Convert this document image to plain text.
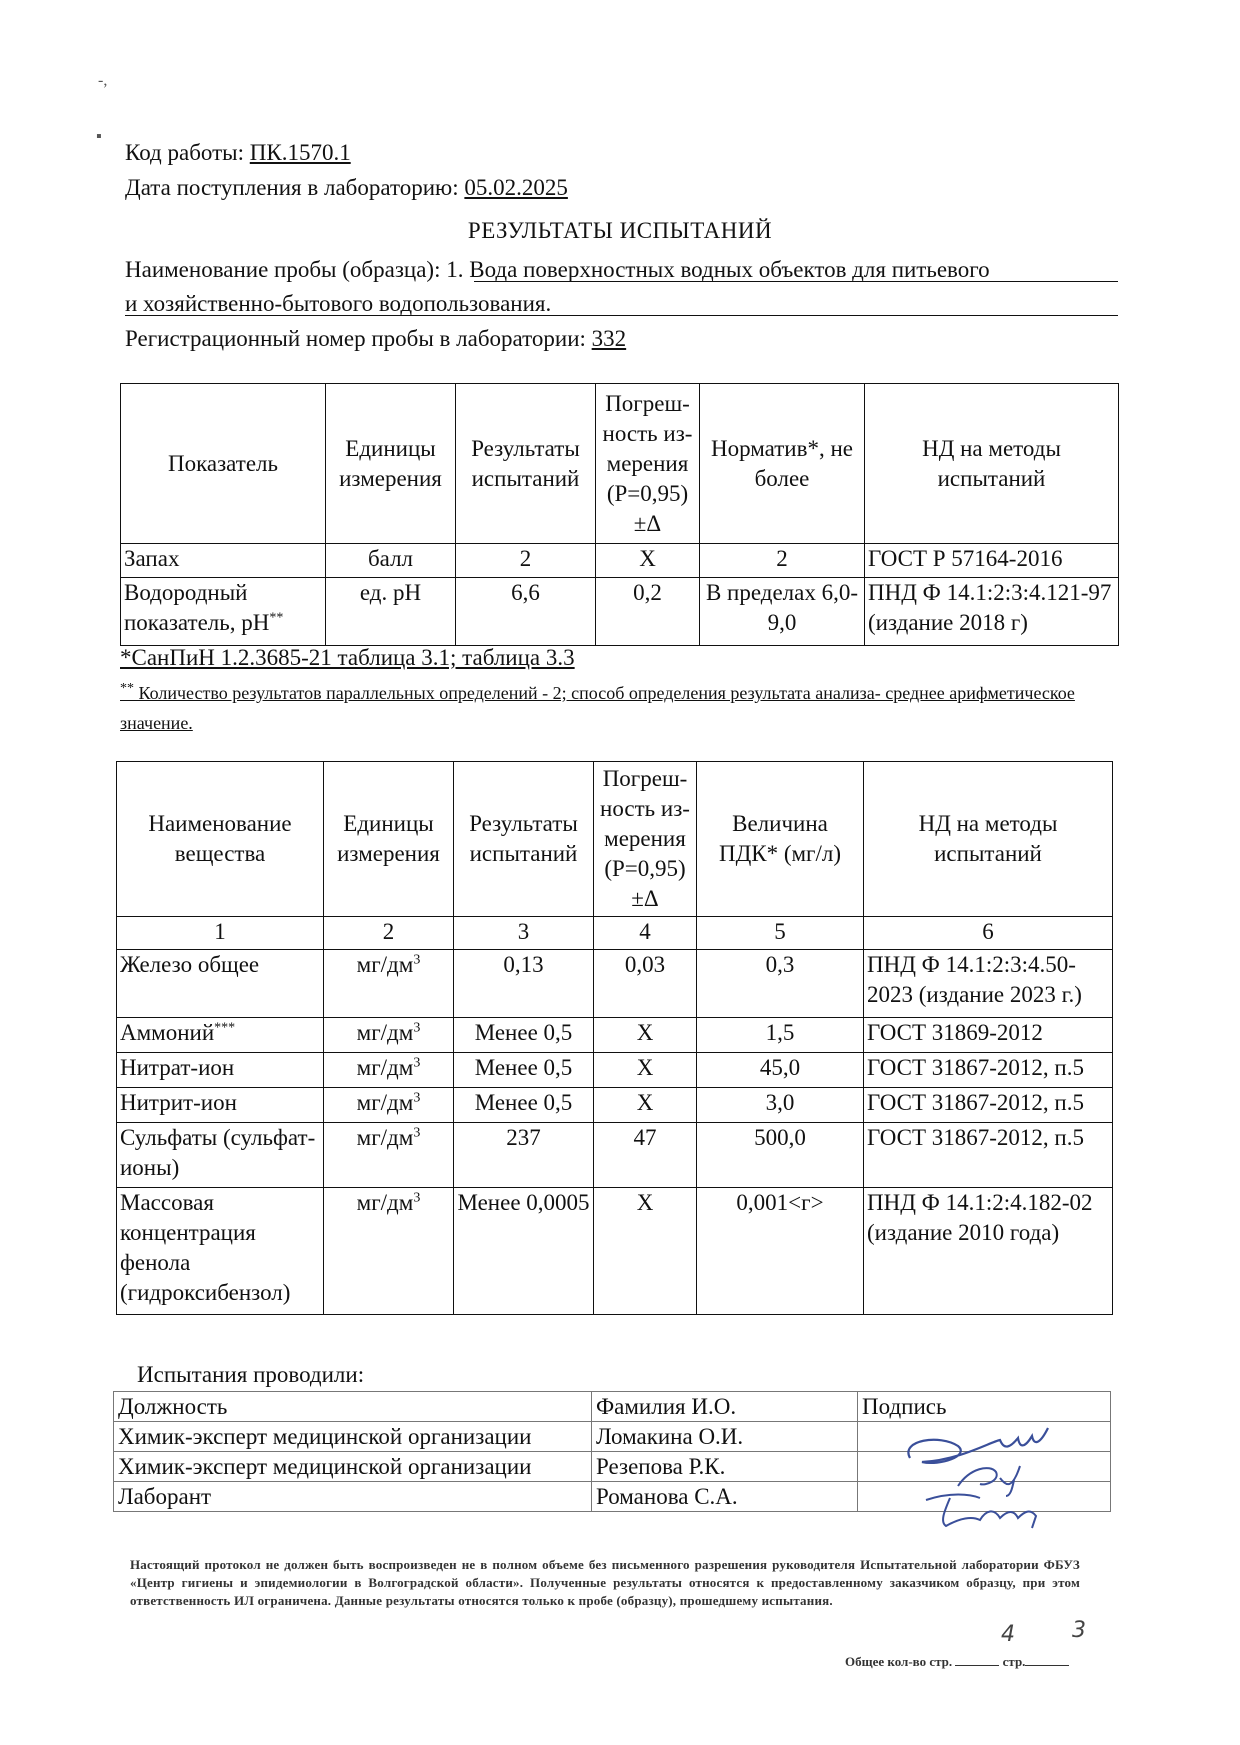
-,
▪
Код работы: ПК.1570.1
Дата поступления в лабораторию: 05.02.2025
РЕЗУЛЬТАТЫ ИСПЫТАНИЙ
Наименование пробы (образца): 1. Вода поверхностных водных объектов для питьевого
и хозяйственно-бытового водопользования.
Регистрационный номер пробы в лаборатории: 332
Показатель	Единицы измерения	Результаты испытаний	Погреш-ность из-мерения (Р=0,95) ±Δ	Норматив*, не более	НД на методы испытаний
Запах	балл	2	Х	2	ГОСТ Р 57164-2016
Водородный показатель, рН**	ед. рН	6,6	0,2	В пределах 6,0-9,0	ПНД Ф 14.1:2:3:4.121-97 (издание 2018 г)
*СанПиН 1.2.3685-21 таблица 3.1; таблица 3.3
** Количество результатов параллельных определений - 2; способ определения результата анализа- среднее арифметическое значение.
Наименование вещества	Единицы измерения	Результаты испытаний	Погреш-ность из-мерения (Р=0,95) ±Δ	Величина ПДК* (мг/л)	НД на методы испытаний
1	2	3	4	5	6
Железо общее	$мг/дм^3$	0,13	0,03	0,3	ПНД Ф 14.1:2:3:4.50-2023 (издание 2023 г.)
Аммоний***	$мг/дм^3$	Менее 0,5	Х	1,5	ГОСТ 31869-2012
Нитрат-ион	$мг/дм^3$	Менее 0,5	Х	45,0	ГОСТ 31867-2012, п.5
Нитрит-ион	$мг/дм^3$	Менее 0,5	Х	3,0	ГОСТ 31867-2012, п.5
Сульфаты (сульфат-ионы)	$мг/дм^3$	237	47	500,0	ГОСТ 31867-2012, п.5
Массовая концентрация фенола (гидроксибензол)	$мг/дм^3$	Менее 0,0005	Х	0,001<г>	ПНД Ф 14.1:2:4.182-02 (издание 2010 года)
Испытания проводили:
Должность	Фамилия И.О.	Подпись
Химик-эксперт медицинской организации	Ломакина О.И.	
Химик-эксперт медицинской организации	Резепова Р.К.	
Лаборант	Романова С.А.	
Настоящий протокол не должен быть воспроизведен не в полном объеме без письменного разрешения руководителя Испытательной лаборатории ФБУЗ «Центр гигиены и эпидемиологии в Волгоградской области». Полученные результаты относятся к предоставленному заказчиком образцу, при этом ответственность ИЛ ограничена. Данные результаты относятся только к пробе (образцу), прошедшему испытания.
4	3
Общее кол-во стр.	стр.
